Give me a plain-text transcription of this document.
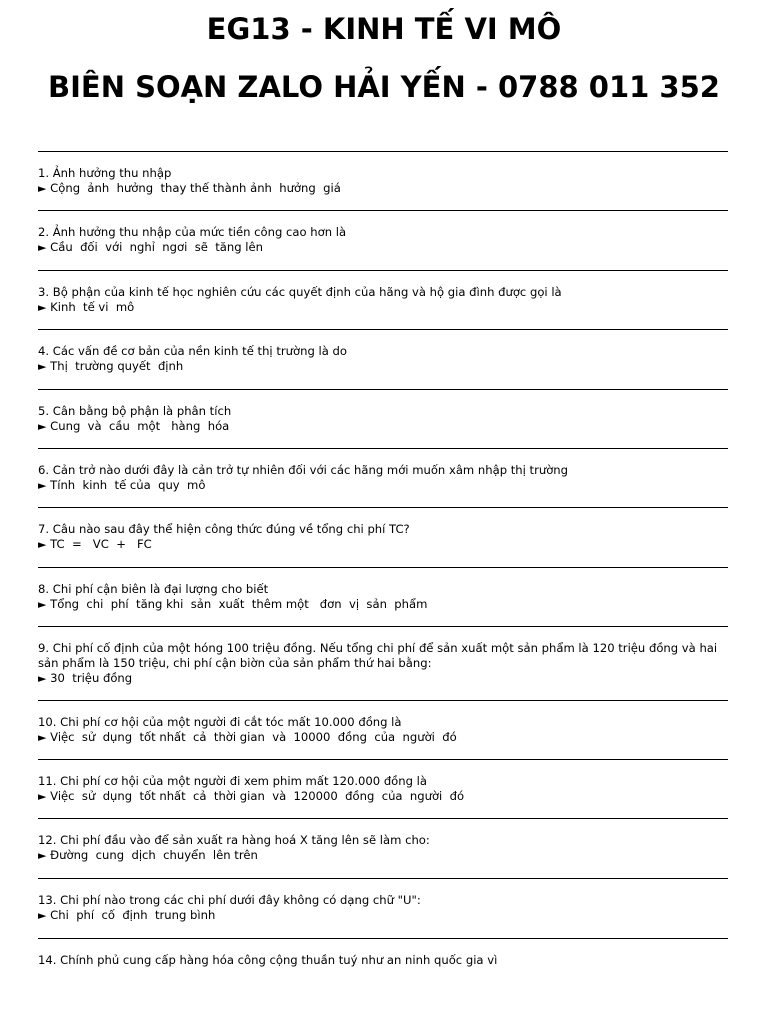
EG13 - KINH TẾ VI MÔ
BIÊN SOẠN ZALO HẢI YẾN - 0788 011 352
1. Ảnh hưởng thu nhập
► Cộng  ảnh  hưởng  thay thế thành ảnh  hưởng  giá
2. Ảnh hưởng thu nhập của mức tiền công cao hơn là
► Cầu  đối  với  nghỉ  ngơi  sẽ  tăng lên
3. Bộ phận của kinh tế học nghiên cứu các quyết định của hãng và hộ gia đình được gọi là
► Kinh  tế vi  mô
4. Các vấn đề cơ bản của nền kinh tế thị trường là do
► Thị  trường quyết  định
5. Cân bằng bộ phận là phân tích
► Cung  và  cầu  một   hàng  hóa
6. Cản trở nào dưới đây là cản trở tự nhiên đối với các hãng mới muốn xâm nhập thị trường
► Tính  kinh  tế của  quy  mô
7. Câu nào sau đây thể hiện công thức đúng về tổng chi phí TC?
► TC  =   VC  +   FC
8. Chi phí cận biên là đại lượng cho biết
► Tổng  chi  phí  tăng khi  sản  xuất  thêm một   đơn  vị  sản  phẩm
9. Chi phí cố định của một hóng 100 triệu đồng. Nếu tổng chi phí để sản xuất một sản phẩm là 120 triệu đồng và hai sản phẩm là 150 triệu, chi phí cận biờn của sản phẩm thứ hai bằng:
► 30  triệu đồng
10. Chi phí cơ hội của một người đi cắt tóc mất 10.000 đồng là
► Việc  sử  dụng  tốt nhất  cả  thời gian  và  10000  đồng  của  người  đó
11. Chi phí cơ hội của một người đi xem phim mất 120.000 đồng là
► Việc  sử  dụng  tốt nhất  cả  thời gian  và  120000  đồng  của  người  đó
12. Chi phí đầu vào để sản xuất ra hàng hoá X tăng lên sẽ làm cho:
► Đường  cung  dịch  chuyển  lên trên
13. Chi phí nào trong các chi phí dưới đây không có dạng chữ "U":
► Chi  phí  cố  định  trung bình
14. Chính phủ cung cấp hàng hóa công cộng thuần tuý như an ninh quốc gia vì
